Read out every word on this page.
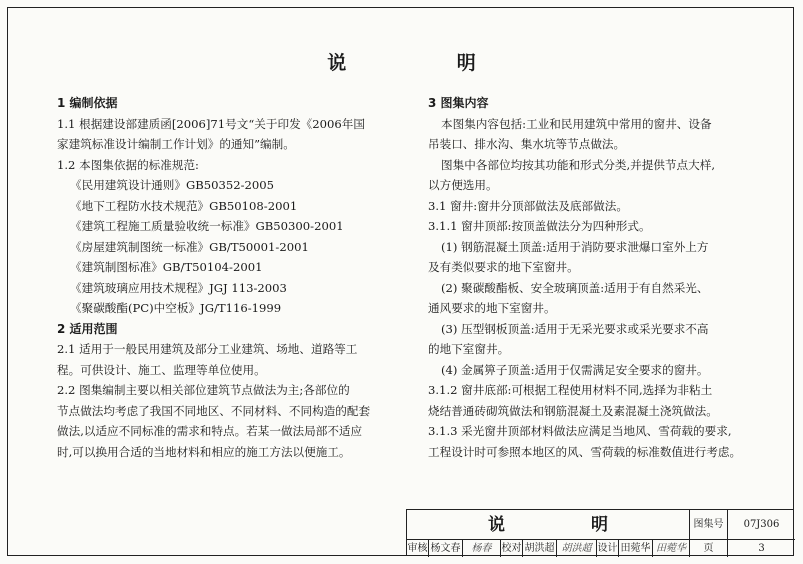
说 明
1 编制依据
1.1 根据建设部建质函[2006]71号文“关于印发《2006年国
家建筑标准设计编制工作计划》的通知”编制。
1.2 本图集依据的标准规范:
《民用建筑设计通则》GB50352-2005
《地下工程防水技术规范》GB50108-2001
《建筑工程施工质量验收统一标准》GB50300-2001
《房屋建筑制图统一标准》GB/T50001-2001
《建筑制图标准》GB/T50104-2001
《建筑玻璃应用技术规程》JGJ 113-2003
《聚碳酸酯(PC)中空板》JG/T116-1999
2 适用范围
2.1 适用于一般民用建筑及部分工业建筑、场地、道路等工
程。可供设计、施工、监理等单位使用。
2.2 图集编制主要以相关部位建筑节点做法为主;各部位的
节点做法均考虑了我国不同地区、不同材料、不同构造的配套
做法,以适应不同标准的需求和特点。若某一做法局部不适应
时,可以换用合适的当地材料和相应的施工方法以便施工。
3 图集内容
本图集内容包括:工业和民用建筑中常用的窗井、设备
吊装口、排水沟、集水坑等节点做法。
图集中各部位均按其功能和形式分类,并提供节点大样,
以方便选用。
3.1 窗井:窗井分顶部做法及底部做法。
3.1.1 窗井顶部:按顶盖做法分为四种形式。
(1) 钢筋混凝土顶盖:适用于消防要求泄爆口室外上方
及有类似要求的地下室窗井。
(2) 聚碳酸酯板、安全玻璃顶盖:适用于有自然采光、
通风要求的地下室窗井。
(3) 压型钢板顶盖:适用于无采光要求或采光要求不高
的地下室窗井。
(4) 金属箅子顶盖:适用于仅需满足安全要求的窗井。
3.1.2 窗井底部:可根据工程使用材料不同,选择为非粘土
烧结普通砖砌筑做法和钢筋混凝土及素混凝土浇筑做法。
3.1.3 采光窗井顶部材料做法应满足当地风、雪荷载的要求,
工程设计时可参照本地区的风、雪荷载的标准数值进行考虑。
说 明	图集号	07J306
审核 杨文春	杨春	校对 胡洪超 胡洪超 设计 田菀华 田菀华	页	3
